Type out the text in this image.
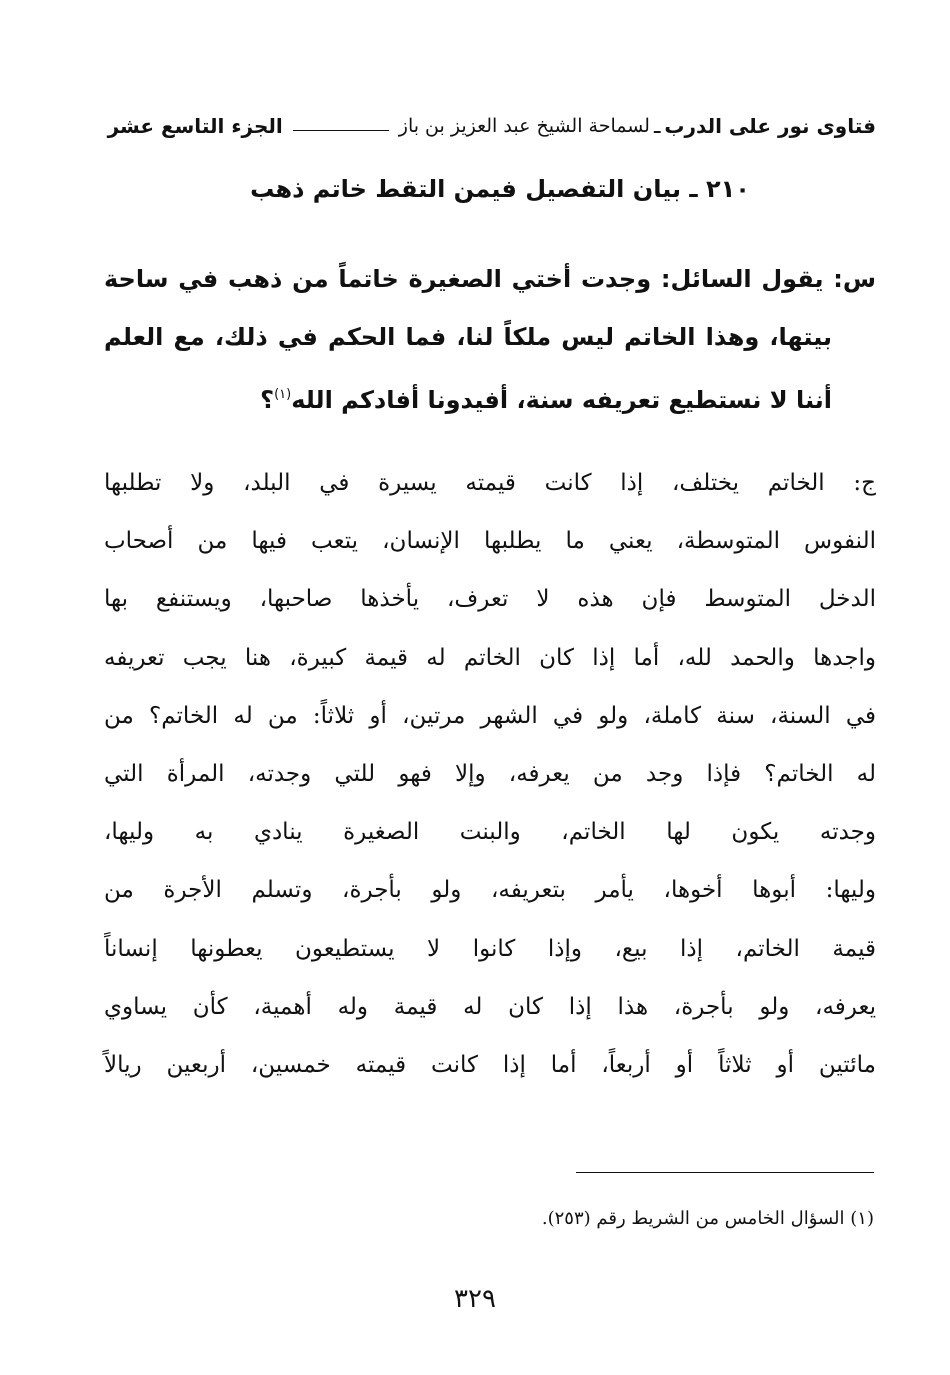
فتاوى نور على الدرب
ـ
لسماحة الشيخ عبد العزيز بن باز
الجزء التاسع عشر
٢١٠ ـ بيان التفصيل فيمن التقط خاتم ذهب
س: يقول السائل: وجدت أختي الصغيرة خاتماً من ذهب في ساحة
بيتها، وهذا الخاتم ليس ملكاً لنا، فما الحكم في ذلك، مع العلم
أننا لا نستطيع تعريفه سنة، أفيدونا أفادكم الله$^{(١)}$؟
ج: الخاتم يختلف، إذا كانت قيمته يسيرة في البلد، ولا تطلبها
النفوس المتوسطة، يعني ما يطلبها الإنسان، يتعب فيها من أصحاب
الدخل المتوسط فإن هذه لا تعرف، يأخذها صاحبها، ويستنفع بها
واجدها والحمد لله، أما إذا كان الخاتم له قيمة كبيرة، هنا يجب تعريفه
في السنة، سنة كاملة، ولو في الشهر مرتين، أو ثلاثاً: من له الخاتم؟ من
له الخاتم؟ فإذا وجد من يعرفه، وإلا فهو للتي وجدته، المرأة التي
وجدته يكون لها الخاتم، والبنت الصغيرة ينادي به وليها،
وليها: أبوها أخوها، يأمر بتعريفه، ولو بأجرة، وتسلم الأجرة من
قيمة الخاتم، إذا بيع، وإذا كانوا لا يستطيعون يعطونها إنساناً
يعرفه، ولو بأجرة، هذا إذا كان له قيمة وله أهمية، كأن يساوي
مائتين أو ثلاثاً أو أربعاً، أما إذا كانت قيمته خمسين، أربعين ريالاً
(١) السؤال الخامس من الشريط رقم (٢٥٣).
٣٢٩
